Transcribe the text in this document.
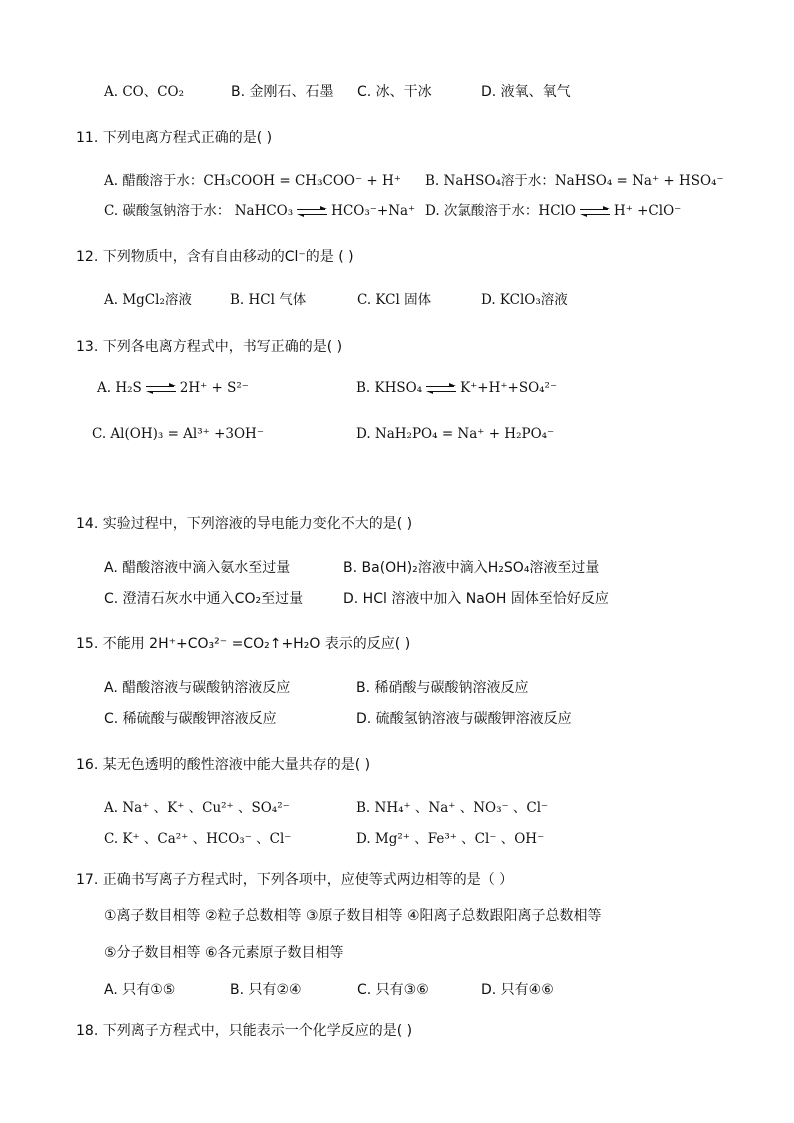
A. CO、CO₂	B. 金刚石、石墨 C. 冰、干冰	D. 液氧、氧气
11. 下列电离方程式正确的是( )
A. 醋酸溶于水：CH₃COOH = CH₃COO⁻ + H⁺ B. NaHSO₄溶于水：NaHSO₄ = Na⁺ + HSO₄⁻
C. 碳酸氢钠溶于水： NaHCO₃	HCO₃⁻+Na⁺ D. 次氯酸溶于水：HClO	H⁺ +ClO⁻
12. 下列物质中，含有自由移动的Cl⁻的是 ( )
A. MgCl₂溶液	B. HCl 气体	C. KCl 固体	D. KClO₃溶液
13. 下列各电离方程式中，书写正确的是( )
A. H₂S	2H⁺ + S²⁻	B. KHSO₄	K⁺+H⁺+SO₄²⁻
C. Al(OH)₃ = Al³⁺ +3OH⁻	D. NaH₂PO₄ = Na⁺ + H₂PO₄⁻
14. 实验过程中，下列溶液的导电能力变化不大的是( )
A. 醋酸溶液中滴入氨水至过量	B. Ba(OH)₂溶液中滴入H₂SO₄溶液至过量
C. 澄清石灰水中通入CO₂至过量	D. HCl 溶液中加入 NaOH 固体至恰好反应
15. 不能用 2H⁺+CO₃²⁻ =CO₂↑+H₂O 表示的反应( )
A. 醋酸溶液与碳酸钠溶液反应	B. 稀硝酸与碳酸钠溶液反应
C. 稀硫酸与碳酸钾溶液反应	D. 硫酸氢钠溶液与碳酸钾溶液反应
16. 某无色透明的酸性溶液中能大量共存的是( )
A. Na⁺ 、K⁺ 、Cu²⁺ 、SO₄²⁻	B. NH₄⁺ 、Na⁺ 、NO₃⁻ 、Cl⁻
C. K⁺ 、Ca²⁺ 、HCO₃⁻ 、Cl⁻	D. Mg²⁺ 、Fe³⁺ 、Cl⁻ 、OH⁻
17. 正确书写离子方程式时，下列各项中，应使等式两边相等的是（ ）
①离子数目相等 ②粒子总数相等 ③原子数目相等 ④阳离子总数跟阳离子总数相等
⑤分子数目相等 ⑥各元素原子数目相等
A. 只有①⑤	B. 只有②④	C. 只有③⑥	D. 只有④⑥
18. 下列离子方程式中，只能表示一个化学反应的是( )
